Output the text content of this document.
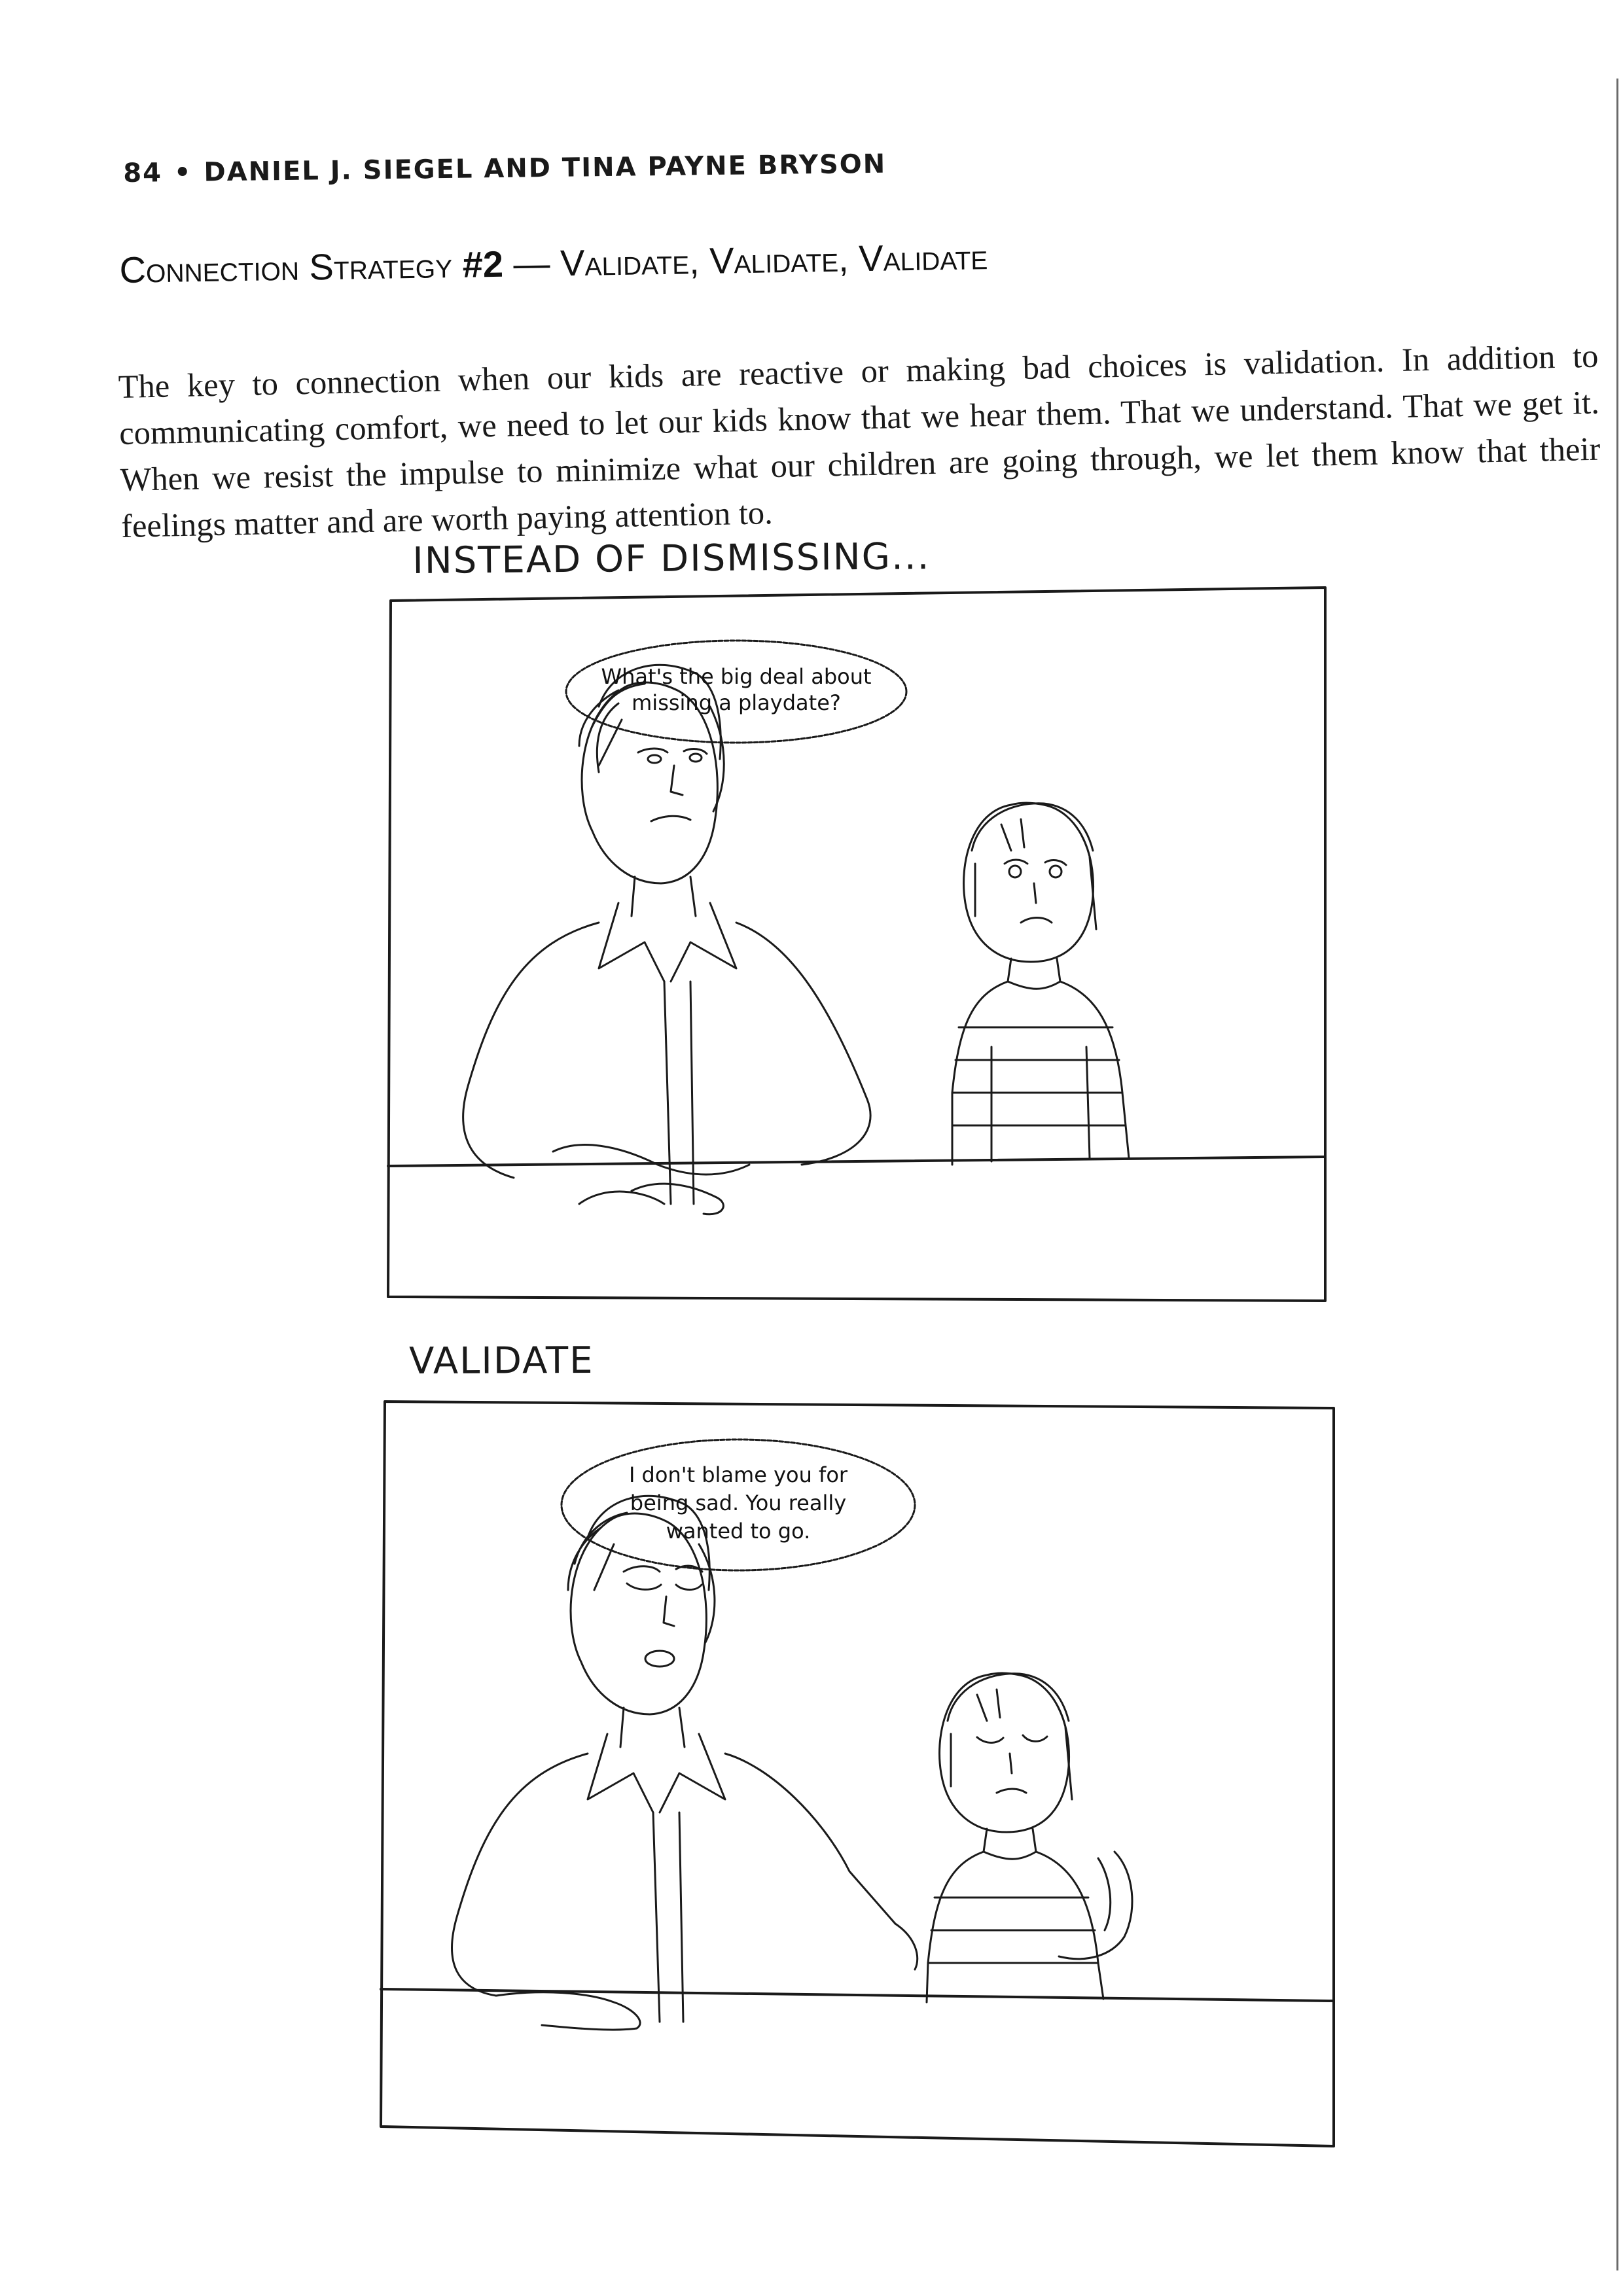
84 • DANIEL J. SIEGEL AND TINA PAYNE BRYSON
Connection Strategy #2 — Validate, Validate, Validate

The key to connection when our kids are reactive or making bad choices is validation. In addition to communicating comfort, we need to let our kids know that we hear them. That we understand. That we get it. When we resist the impulse to minimize what our children are going through, we let them know that their feelings matter and are worth paying attention to.

INSTEAD OF DISMISSING...
What's the big deal about
missing a playdate?
VALIDATE
I don't blame you for
being sad. You really
wanted to go.
